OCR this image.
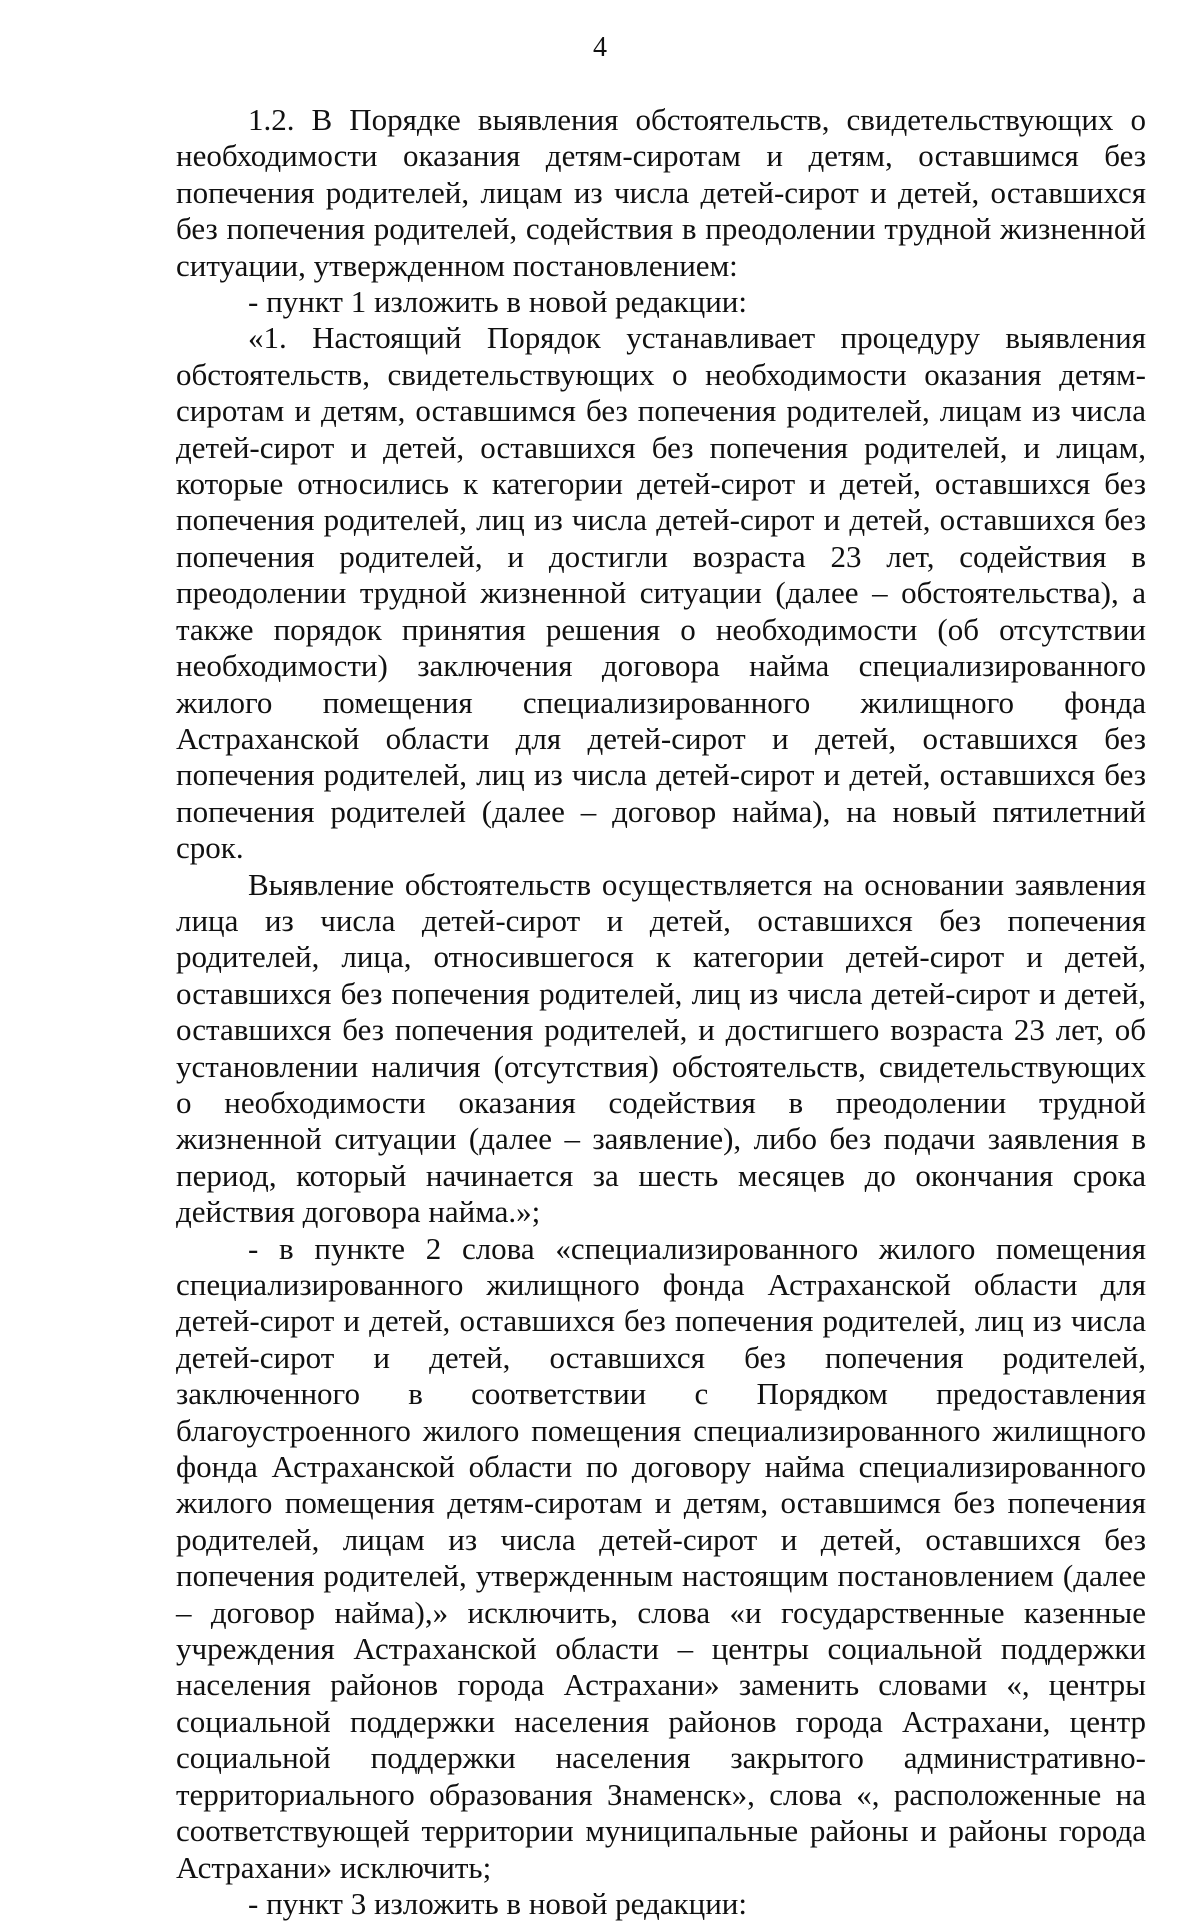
4

1.2. В Порядке выявления обстоятельств, свидетельствующих о необходимости оказания детям-сиротам и детям, оставшимся без попечения родителей, лицам из числа детей-сирот и детей, оставшихся без попечения родителей, содействия в преодолении трудной жизненной ситуации, утвержденном постановлением:

- пункт 1 изложить в новой редакции:

«1. Настоящий Порядок устанавливает процедуру выявления обстоятельств, свидетельствующих о необходимости оказания детям-сиротам и детям, оставшимся без попечения родителей, лицам из числа детей-сирот и детей, оставшихся без попечения родителей, и лицам, которые относились к категории детей-сирот и детей, оставшихся без попечения родителей, лиц из числа детей-сирот и детей, оставшихся без попечения родителей, и достигли возраста 23 лет, содействия в преодолении трудной жизненной ситуации (далее – обстоятельства), а также порядок принятия решения о необходимости (об отсутствии необходимости) заключения договора найма специализированного жилого помещения специализированного жилищного фонда Астраханской области для детей-сирот и детей, оставшихся без попечения родителей, лиц из числа детей-сирот и детей, оставшихся без попечения родителей (далее – договор найма), на новый пятилетний срок.

Выявление обстоятельств осуществляется на основании заявления лица из числа детей-сирот и детей, оставшихся без попечения родителей, лица, относившегося к категории детей-сирот и детей, оставшихся без попечения родителей, лиц из числа детей-сирот и детей, оставшихся без попечения родителей, и достигшего возраста 23 лет, об установлении наличия (отсутствия) обстоятельств, свидетельствующих о необходимости оказания содействия в преодолении трудной жизненной ситуации (далее – заявление), либо без подачи заявления в период, который начинается за шесть месяцев до окончания срока действия договора найма.»;

- в пункте 2 слова «специализированного жилого помещения специализированного жилищного фонда Астраханской области для детей-сирот и детей, оставшихся без попечения родителей, лиц из числа детей-сирот и детей, оставшихся без попечения родителей, заключенного в соответствии с Порядком предоставления благоустроенного жилого помещения специализированного жилищного фонда Астраханской области по договору найма специализированного жилого помещения детям-сиротам и детям, оставшимся без попечения родителей, лицам из числа детей-сирот и детей, оставшихся без попечения родителей, утвержденным настоящим постановлением (далее – договор найма),» исключить, слова «и государственные казенные учреждения Астраханской области – центры социальной поддержки населения районов города Астрахани» заменить словами «, центры социальной поддержки населения районов города Астрахани, центр социальной поддержки населения закрытого административно-территориального образования Знаменск», слова «, расположенные на соответствующей территории муниципальные районы и районы города Астрахани» исключить;

- пункт 3 изложить в новой редакции:
